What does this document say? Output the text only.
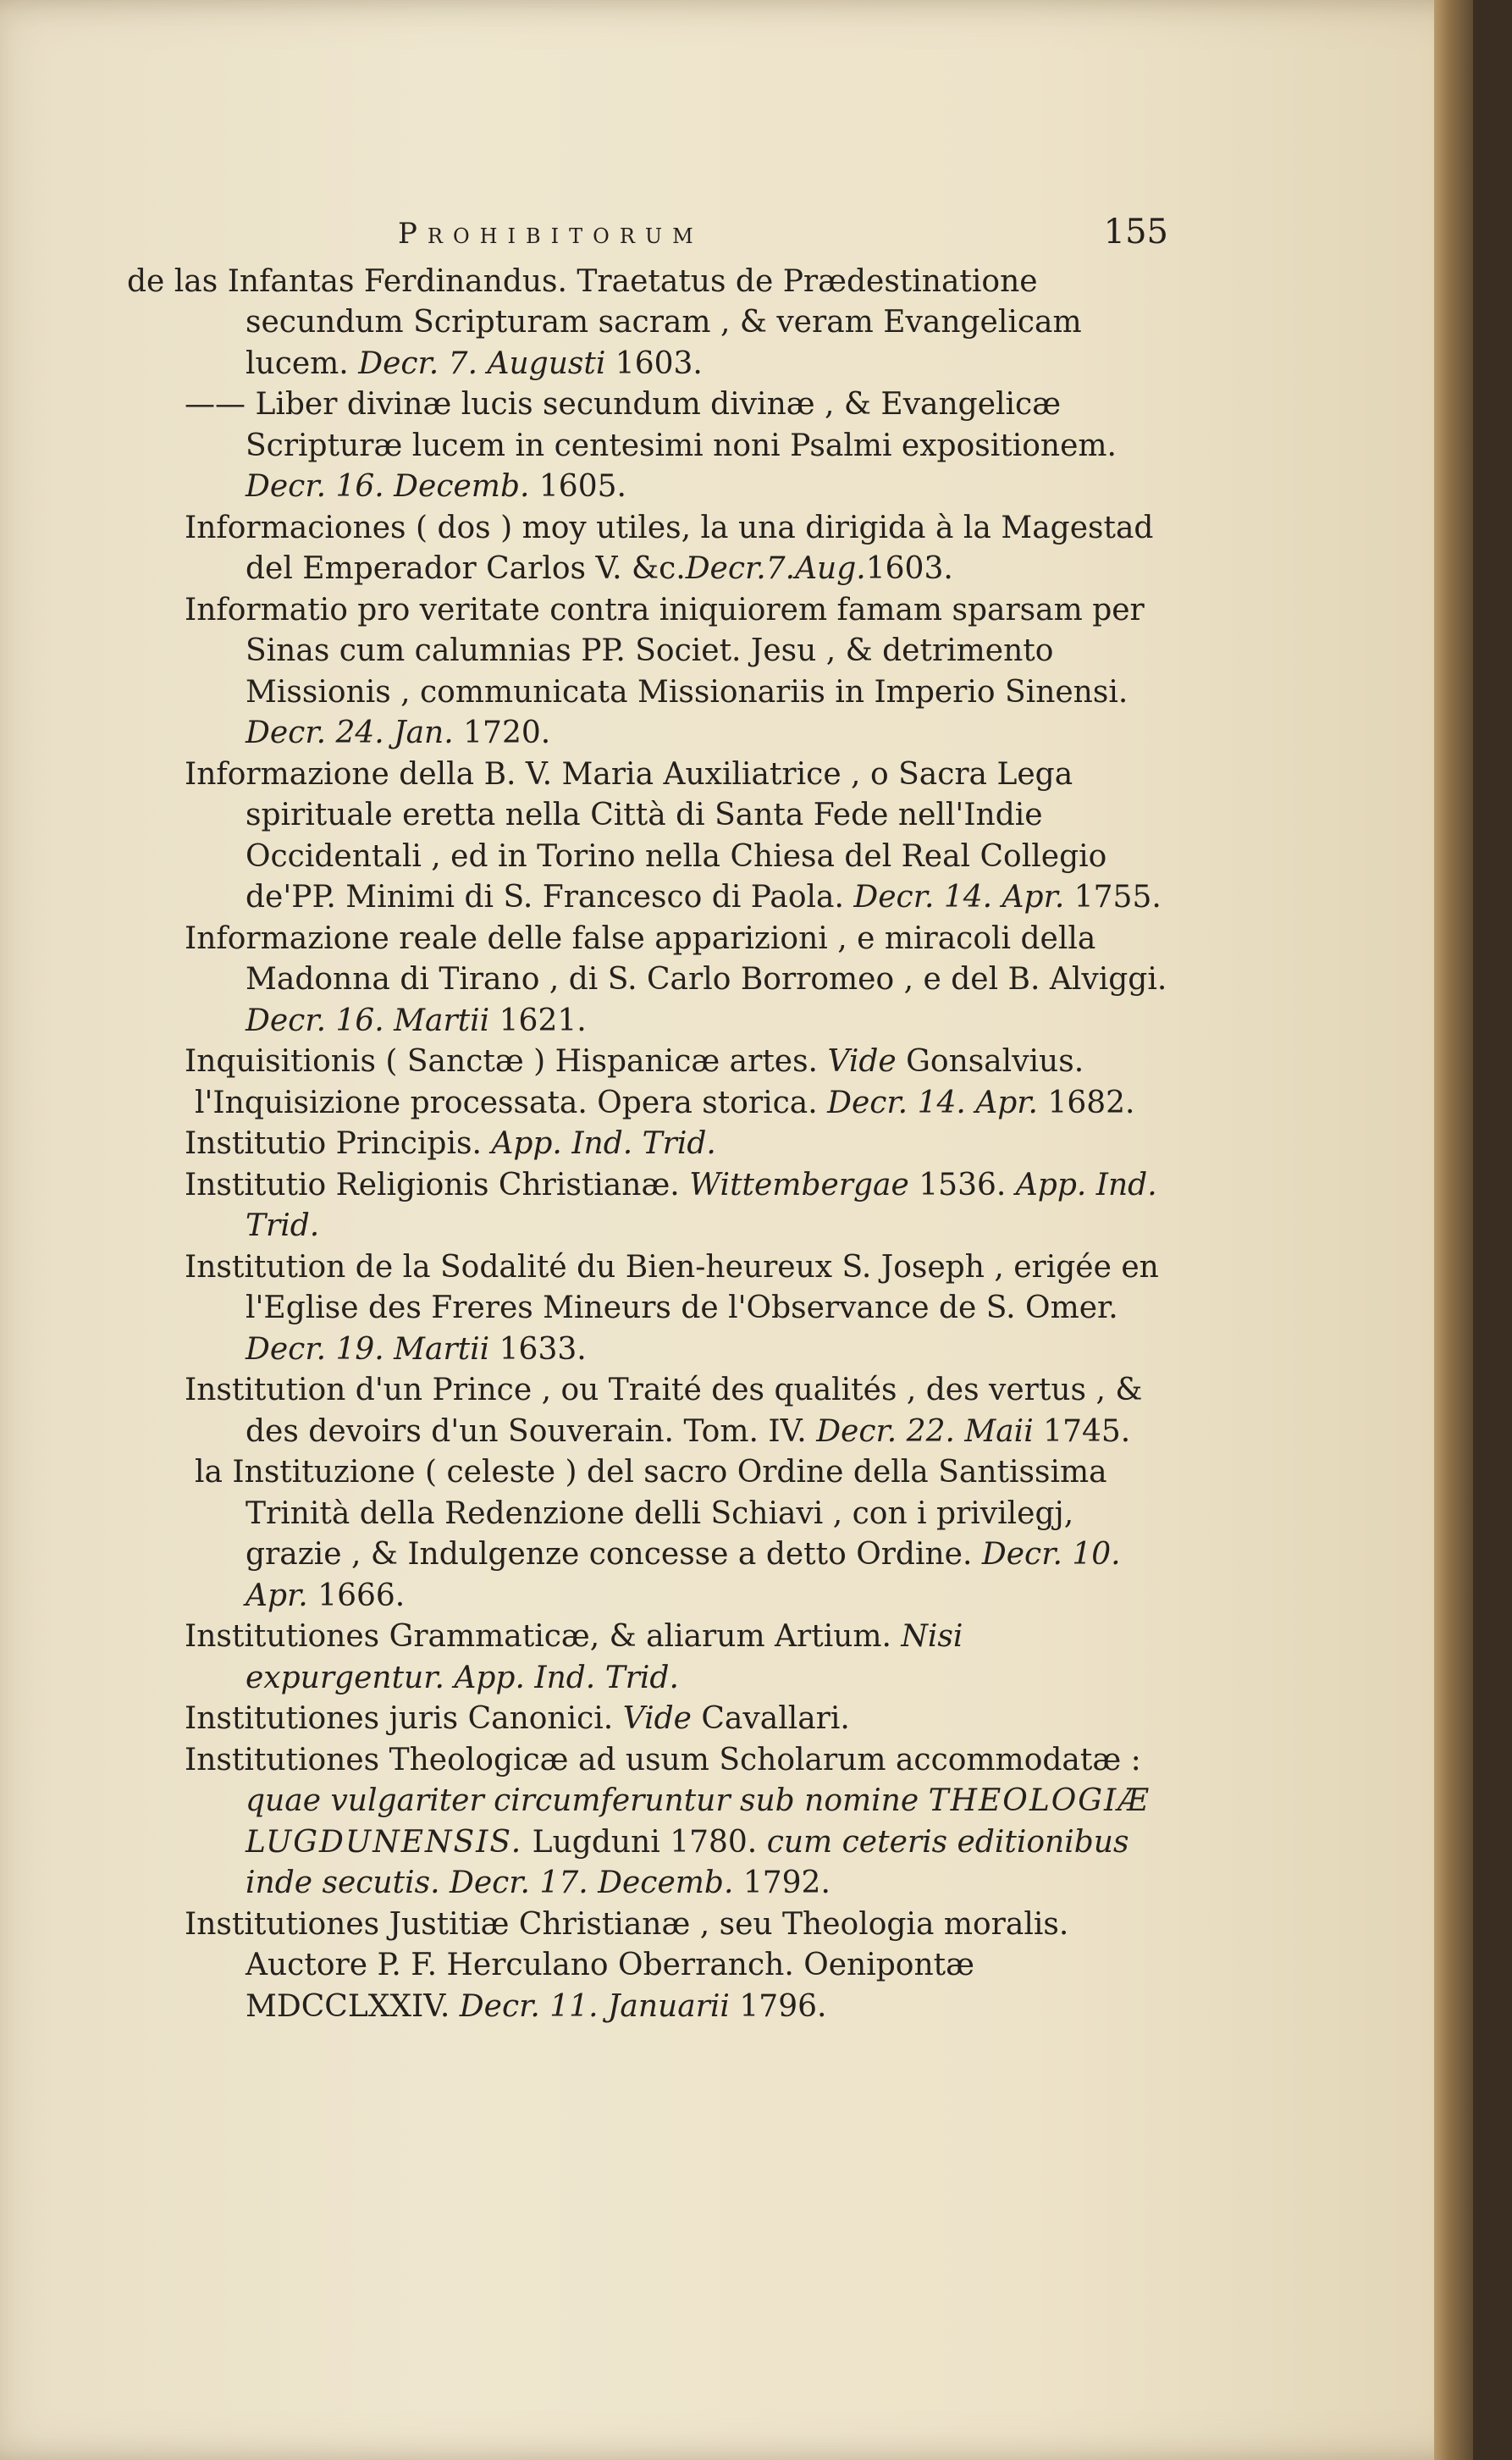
Prohibitorum	155
de las Infantas Ferdinandus. Traetatus de Prædestinatione secundum Scripturam sacram , & veram Evangelicam lucem. Decr. 7. Augusti 1603.
—— Liber divinæ lucis secundum divinæ , & Evangelicæ Scripturæ lucem in centesimi noni Psalmi expositionem. Decr. 16. Decemb. 1605.
Informaciones ( dos ) moy utiles, la una dirigida à la Magestad del Emperador Carlos V. &c.Decr.7.Aug.1603.
Informatio pro veritate contra iniquiorem famam sparsam per Sinas cum calumnias PP. Societ. Jesu , & detrimento Missionis , communicata Missionariis in Imperio Sinensi. Decr. 24. Jan. 1720.
Informazione della B. V. Maria Auxiliatrice , o Sacra Lega spirituale eretta nella Città di Santa Fede nell'Indie Occidentali , ed in Torino nella Chiesa del Real Collegio de'PP. Minimi di S. Francesco di Paola. Decr. 14. Apr. 1755.
Informazione reale delle false apparizioni , e miracoli della Madonna di Tirano , di S. Carlo Borromeo , e del B. Alviggi. Decr. 16. Martii 1621.
Inquisitionis ( Sanctæ ) Hispanicæ artes. Vide Gonsalvius.
l'Inquisizione processata. Opera storica. Decr. 14. Apr. 1682.
Institutio Principis. App. Ind. Trid.
Institutio Religionis Christianæ. Wittembergae 1536. App. Ind. Trid.
Institution de la Sodalité du Bien-heureux S. Joseph , erigée en l'Eglise des Freres Mineurs de l'Observance de S. Omer. Decr. 19. Martii 1633.
Institution d'un Prince , ou Traité des qualités , des vertus , & des devoirs d'un Souverain. Tom. IV. Decr. 22. Maii 1745.
la Instituzione ( celeste ) del sacro Ordine della Santissima Trinità della Redenzione delli Schiavi , con i privilegj, grazie , & Indulgenze concesse a detto Ordine. Decr. 10. Apr. 1666.
Institutiones Grammaticæ, & aliarum Artium. Nisi expurgentur. App. Ind. Trid.
Institutiones juris Canonici. Vide Cavallari.
Institutiones Theologicæ ad usum Scholarum accommodatæ : quae vulgariter circumferuntur sub nomine THEOLOGIÆ LUGDUNENSIS. Lugduni 1780. cum ceteris editionibus inde secutis. Decr. 17. Decemb. 1792.
Institutiones Justitiæ Christianæ , seu Theologia moralis. Auctore P. F. Herculano Oberranch. Oenipontæ MDCCLXXIV. Decr. 11. Januarii 1796.
